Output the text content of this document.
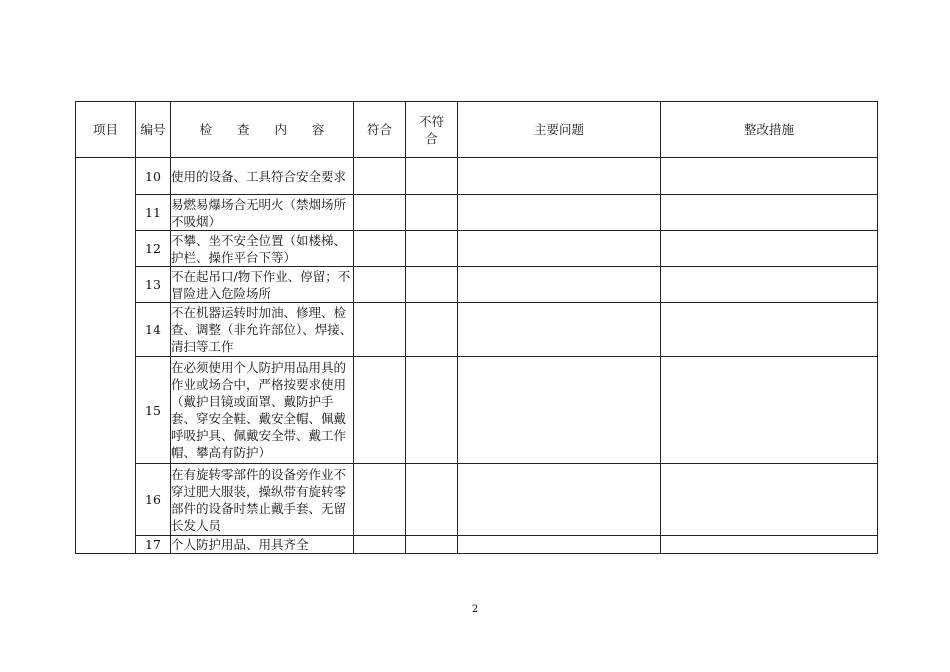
项目	编号	检　　查　　内　　容	符合	不符合	主要问题	整改措施
	10	使用的设备、工具符合安全要求				
	11	易燃易爆场合无明火（禁烟场所不吸烟）				
	12	不攀、坐不安全位置（如楼梯、护栏、操作平台下等）				
	13	不在起吊口/物下作业、停留；不冒险进入危险场所				
	14	不在机器运转时加油、修理、检查、调整（非允许部位）、焊接、清扫等工作				
	15	在必须使用个人防护用品用具的作业或场合中，严格按要求使用（戴护目镜或面罩、戴防护手套、穿安全鞋、戴安全帽、佩戴呼吸护具、佩戴安全带、戴工作帽、攀高有防护）				
	16	在有旋转零部件的设备旁作业不穿过肥大服装，操纵带有旋转零部件的设备时禁止戴手套、无留长发人员				
	17	个人防护用品、用具齐全				
2
